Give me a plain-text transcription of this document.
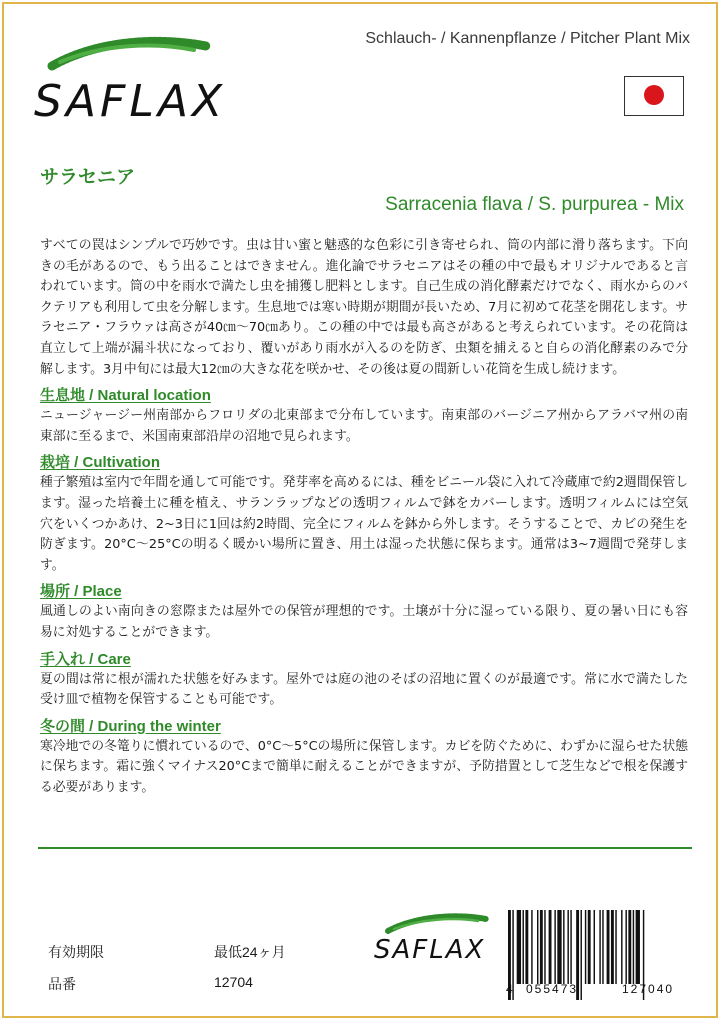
SAFLAX
Schlauch- / Kannenpflanze / Pitcher Plant Mix
サラセニア
Sarracenia flava / S. purpurea - Mix

すべての罠はシンプルで巧妙です。虫は甘い蜜と魅惑的な色彩に引き寄せられ、筒の内部に滑り落ちます。下向きの毛があるので、もう出ることはできません。進化論でサラセニアはその種の中で最もオリジナルであると言われています。筒の中を雨水で満たし虫を捕獲し肥料とします。自己生成の消化酵素だけでなく、雨水からのバクテリアも利用して虫を分解します。生息地では寒い時期が期間が長いため、7月に初めて花茎を開花します。サラセニア・フラウァは高さが40㎝〜70㎝あり。この種の中では最も高さがあると考えられています。その花筒は直立して上端が漏斗状になっており、覆いがあり雨水が入るのを防ぎ、虫類を捕えると自らの消化酵素のみで分解します。3月中旬には最大12㎝の大きな花を咲かせ、その後は夏の間新しい花筒を生成し続けます。

生息地 / Natural location

ニュージャージー州南部からフロリダの北東部まで分布しています。南東部のバージニア州からアラバマ州の南東部に至るまで、米国南東部沿岸の沼地で見られます。

栽培 / Cultivation

種子繁殖は室内で年間を通して可能です。発芽率を高めるには、種をビニール袋に入れて冷蔵庫で約2週間保管します。湿った培養土に種を植え、サランラップなどの透明フィルムで鉢をカバーします。透明フィルムには空気穴をいくつかあけ、2~3日に1回は約2時間、完全にフィルムを鉢から外します。そうすることで、カビの発生を防ぎます。20°C〜25°Cの明るく暖かい場所に置き、用土は湿った状態に保ちます。通常は3~7週間で発芽します。

場所 / Place

風通しのよい南向きの窓際または屋外での保管が理想的です。土壌が十分に湿っている限り、夏の暑い日にも容易に対処することができます。

手入れ / Care

夏の間は常に根が濡れた状態を好みます。屋外では庭の池のそばの沼地に置くのが最適です。常に水で満たした受け皿で植物を保管することも可能です。

冬の間 / During the winter

寒冷地での冬篭りに慣れているので、0°C〜5°Cの場所に保管します。カビを防ぐために、わずかに湿らせた状態に保ちます。霜に強くマイナス20°Cまで簡単に耐えることができますが、予防措置として芝生などで根を保護する必要があります。

有効期限	最低24ヶ月
品番	12704
SAFLAX
4 055473	127040
